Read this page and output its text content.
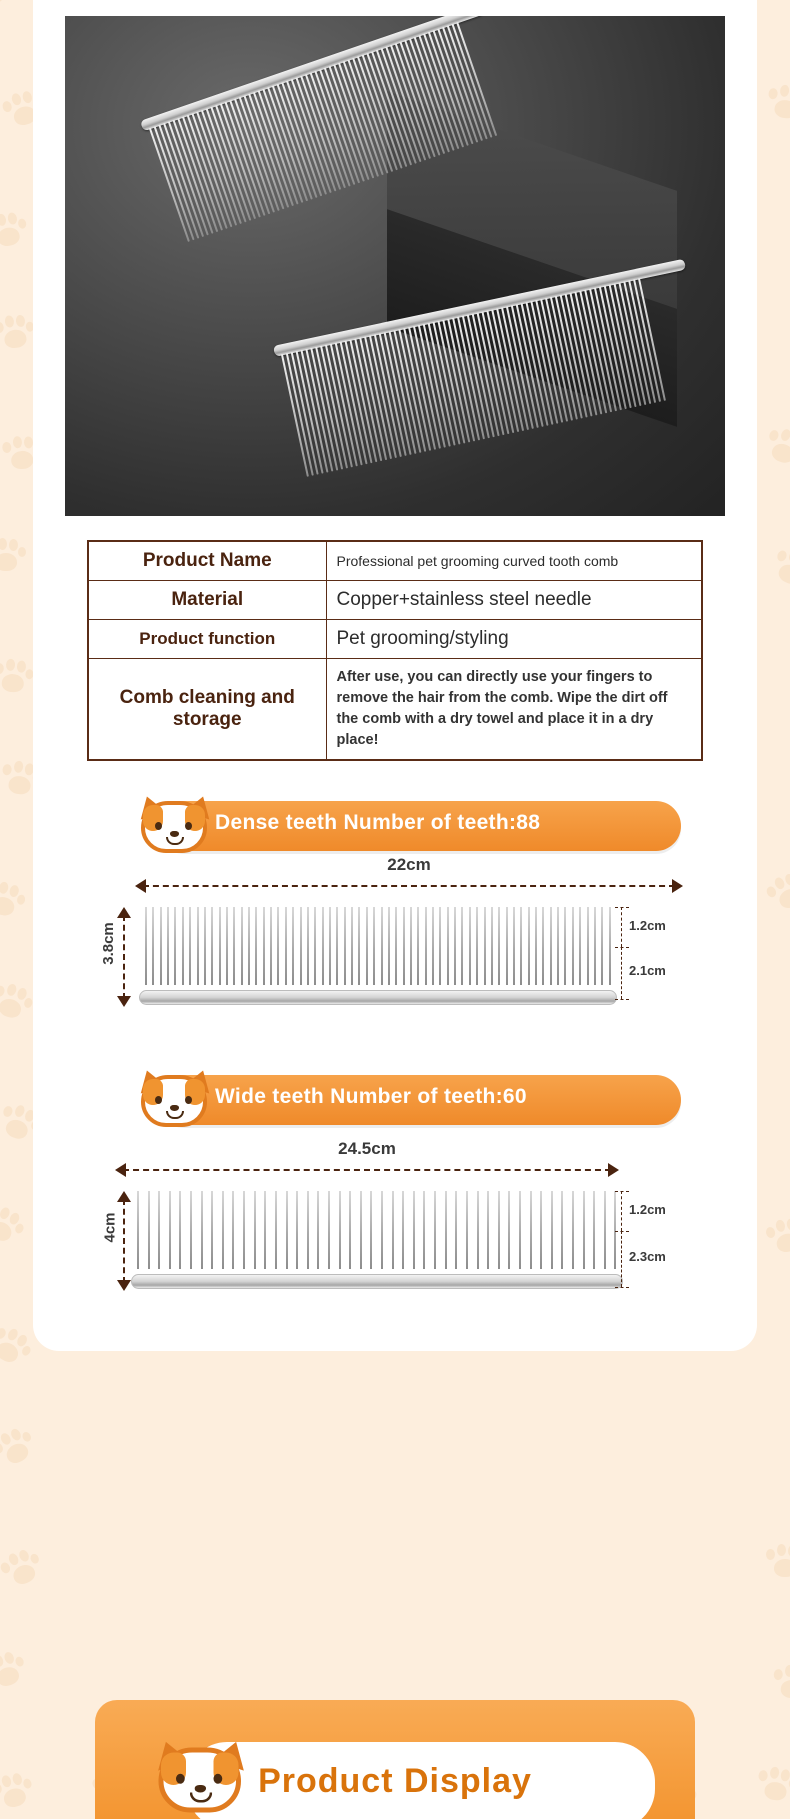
Product Name	Professional pet grooming curved tooth comb
Material	Copper+stainless steel needle
Product function	Pet grooming/styling
Comb cleaning and storage	After use, you can directly use your fingers to remove the hair from the comb. Wipe the dirt off the comb with a dry towel and place it in a dry place!
Dense teeth Number of teeth:88
22cm
3.8cm	1.2cm
2.1cm
Wide teeth Number of teeth:60
24.5cm
4cm
1.2cm
2.3cm
Product Display
